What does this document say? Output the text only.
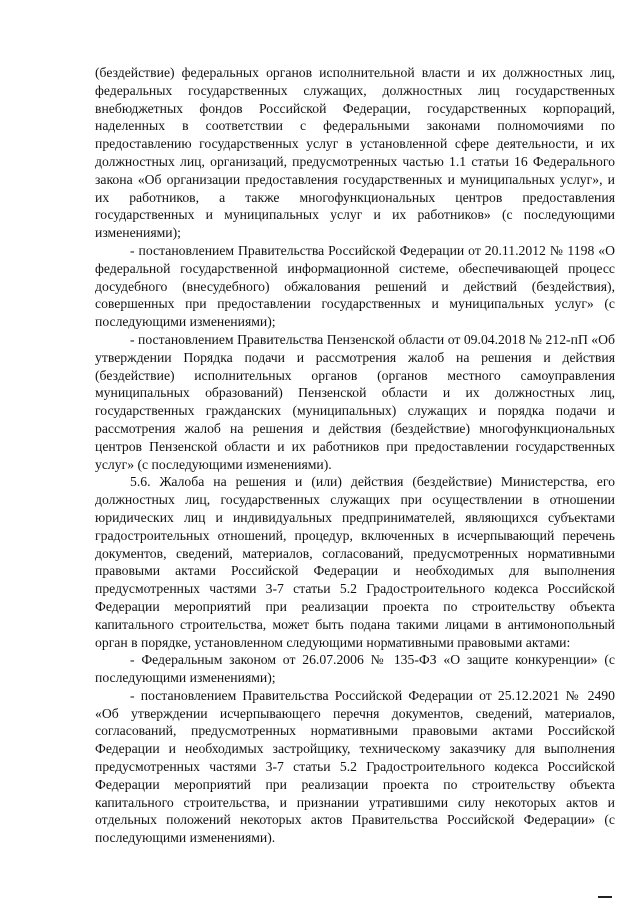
(бездействие) федеральных органов исполнительной власти и их должностных лиц, федеральных государственных служащих, должностных лиц государственных внебюджетных фондов Российской Федерации, государственных корпораций, наделенных в соответствии с федеральными законами полномочиями по предоставлению государственных услуг в установленной сфере деятельности, и их должностных лиц, организаций, предусмотренных частью 1.1 статьи 16 Федерального закона «Об организации предоставления государственных и муниципальных услуг», и их работников, а также многофункциональных центров предоставления государственных и муниципальных услуг и их работников» (с последующими изменениями);

- постановлением Правительства Российской Федерации от 20.11.2012 № 1198 «О федеральной государственной информационной системе, обеспечивающей процесс досудебного (внесудебного) обжалования решений и действий (бездействия), совершенных при предоставлении государственных и муниципальных услуг» (с последующими изменениями);

- постановлением Правительства Пензенской области от 09.04.2018 № 212-пП «Об утверждении Порядка подачи и рассмотрения жалоб на решения и действия (бездействие) исполнительных органов (органов местного самоуправления муниципальных образований) Пензенской области и их должностных лиц, государственных гражданских (муниципальных) служащих и порядка подачи и рассмотрения жалоб на решения и действия (бездействие) многофункциональных центров Пензенской области и их работников при предоставлении государственных услуг» (с последующими изменениями).

5.6. Жалоба на решения и (или) действия (бездействие) Министерства, его должностных лиц, государственных служащих при осуществлении в отношении юридических лиц и индивидуальных предпринимателей, являющихся субъектами градостроительных отношений, процедур, включенных в исчерпывающий перечень документов, сведений, материалов, согласований, предусмотренных нормативными правовыми актами Российской Федерации и необходимых для выполнения предусмотренных частями 3-7 статьи 5.2 Градостроительного кодекса Российской Федерации мероприятий при реализации проекта по строительству объекта капитального строительства, может быть подана такими лицами в антимонопольный орган в порядке, установленном следующими нормативными правовыми актами:

- Федеральным законом от 26.07.2006 № 135-ФЗ «О защите конкуренции» (с последующими изменениями);

- постановлением Правительства Российской Федерации от 25.12.2021 № 2490 «Об утверждении исчерпывающего перечня документов, сведений, материалов, согласований, предусмотренных нормативными правовыми актами Российской Федерации и необходимых застройщику, техническому заказчику для выполнения предусмотренных частями 3-7 статьи 5.2 Градостроительного кодекса Российской Федерации мероприятий при реализации проекта по строительству объекта капитального строительства, и признании утратившими силу некоторых актов и отдельных положений некоторых актов Правительства Российской Федерации» (с последующими изменениями).
